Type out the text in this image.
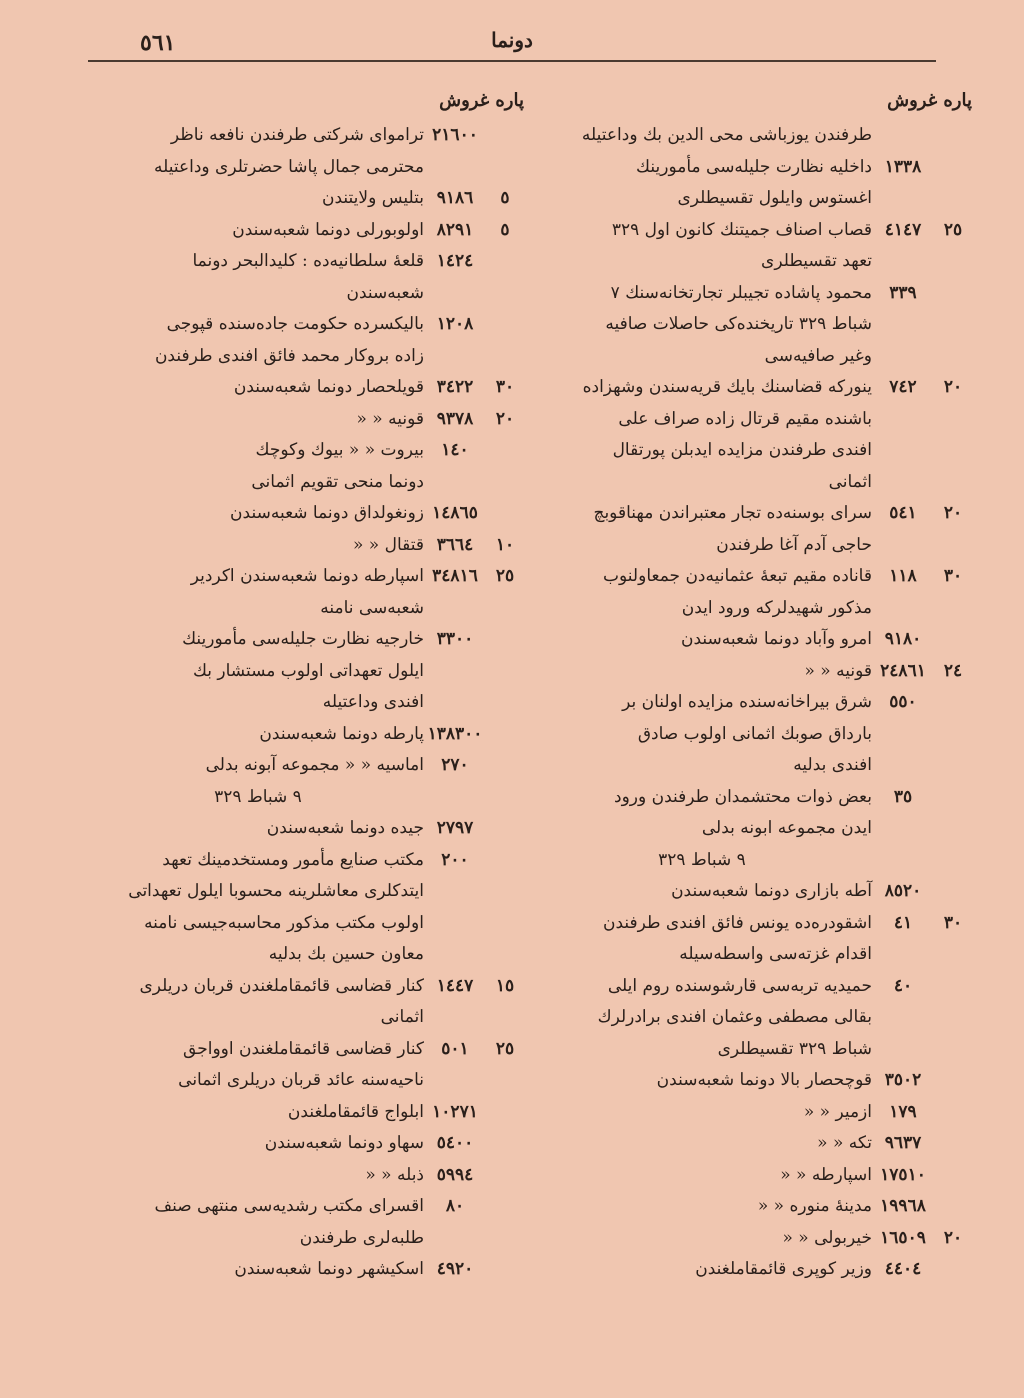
دونما
٥٦١
پاره غروش
طرفندن يوزباشى محى الدين بك وداعتيله
١٣٣٨
داخليه نظارت جليله‌سى مأمورينك
اغستوس وايلول تقسيطلرى
٢٥
٤١٤٧
قصاب اصناف جميتنك كانون اول ٣٢٩
تعهد تقسيطلرى
٣٣٩
محمود پاشاده تجيبلر تجارتخانه‌سنك ٧
شباط ٣٢٩ تاريخنده‌كى حاصلات صافيه
وغير صافيه‌سى
٢٠
٧٤٢
ينوركه قضاسنك بايك قريه‌سندن وشهزاده
باشنده مقيم قرتال زاده صراف على
افندى طرفندن مزايده ايدبلن پورتقال
اثمانى
٢٠
٥٤١
سراى بوسنه‌ده تجار معتبراندن مهناقوبچ
حاجى آدم آغا طرفندن
٣٠
١١٨
قاناده مقيم تبعهٔ عثمانيه‌دن جمعاولنوب
مذكور شهيدلركه ورود ايدن
٩١٨٠
امرو وآباد دونما شعبه‌سندن
٢٤
٢٤٨٦١
قونيه « «
٥٥٠
شرق بيراخانه‌سنده مزايده اولنان بر
بارداق صوبك اثمانى اولوب صادق
افندى بدليه
٣٥
بعض ذوات محتشمدان طرفندن ورود
ايدن مجموعه ابونه بدلى
٩ شباط ٣٢٩
٨٥٢٠
آطه بازارى دونما شعبه‌سندن
٣٠
٤١
اشقودره‌ده يونس فائق افندى طرفندن
اقدام غزته‌سى واسطه‌سيله
٤٠
حميديه تربه‌سى قارشوسنده روم ايلى
بقالى مصطفى وعثمان افندى برادرلرك
شباط ٣٢٩ تقسيطلرى
٣٥٠٢
قوچحصار بالا دونما شعبه‌سندن
١٧٩
ازمير « «
٩٦٣٧
تكه « «
١٧٥١٠
اسپارطه « «
١٩٩٦٨
مدينهٔ منوره « «
٢٠
١٦٥٠٩
خيربولى « «
٤٤٠٤
وزير كوپرى قائمقاملغندن
پاره غروش
٢١٦٠٠
ترامواى شركتى طرفندن نافعه ناظر
محترمى جمال پاشا حضرتلرى وداعتيله
٥
٩١٨٦
بتليس ولايتندن
٥
٨٢٩١
اولوبورلى دونما شعبه‌سندن
١٤٢٤
قلعهٔ سلطانيه‌ده : كليدالبحر دونما
شعبه‌سندن
١٢٠٨
باليكسرده حكومت جاده‌سنده قپوجى
زاده بروكار محمد فائق افندى طرفندن
٣٠
٣٤٢٢
قويلحصار دونما شعبه‌سندن
٢٠
٩٣٧٨
قونيه « «
١٤٠
بيروت « « بيوك وكوچك
دونما منحى تقويم اثمانى
١٤٨٦٥
زونغولداق دونما شعبه‌سندن
١٠
٣٦٦٤
قتقال « «
٢٥
٣٤٨١٦
اسپارطه دونما شعبه‌سندن اكردير
شعبه‌سى نامنه
٣٣٠٠
خارجيه نظارت جليله‌سى مأمورينك
ايلول تعهداتى اولوب مستشار بك
افندى وداعتيله
١٣٨٣٠٠
پارطه دونما شعبه‌سندن
٢٧٠
اماسيه « « مجموعه آبونه بدلى
٩ شباط ٣٢٩
٢٧٩٧
جيده دونما شعبه‌سندن
٢٠٠
مكتب صنايع مأمور ومستخدمينك تعهد
ايتدكلرى معاشلرينه محسوبا ايلول تعهداتى
اولوب مكتب مذكور محاسبه‌جيسى نامنه
معاون حسين بك بدليه
١٥
١٤٤٧
كنار قضاسى قائمقاملغندن قربان دريلرى
اثمانى
٢٥
٥٠١
كنار قضاسى قائمقاملغندن اوواجق
ناحيه‌سنه عائد قربان دريلرى اثمانى
١٠٢٧١
ابلواج قائمقاملغندن
٥٤٠٠
سهاو دونما شعبه‌سندن
٥٩٩٤
ذبله « «
٨٠
اقسراى مكتب رشديه‌سى منتهى صنف
طلبه‌لرى طرفندن
٤٩٢٠
اسكيشهر دونما شعبه‌سندن
